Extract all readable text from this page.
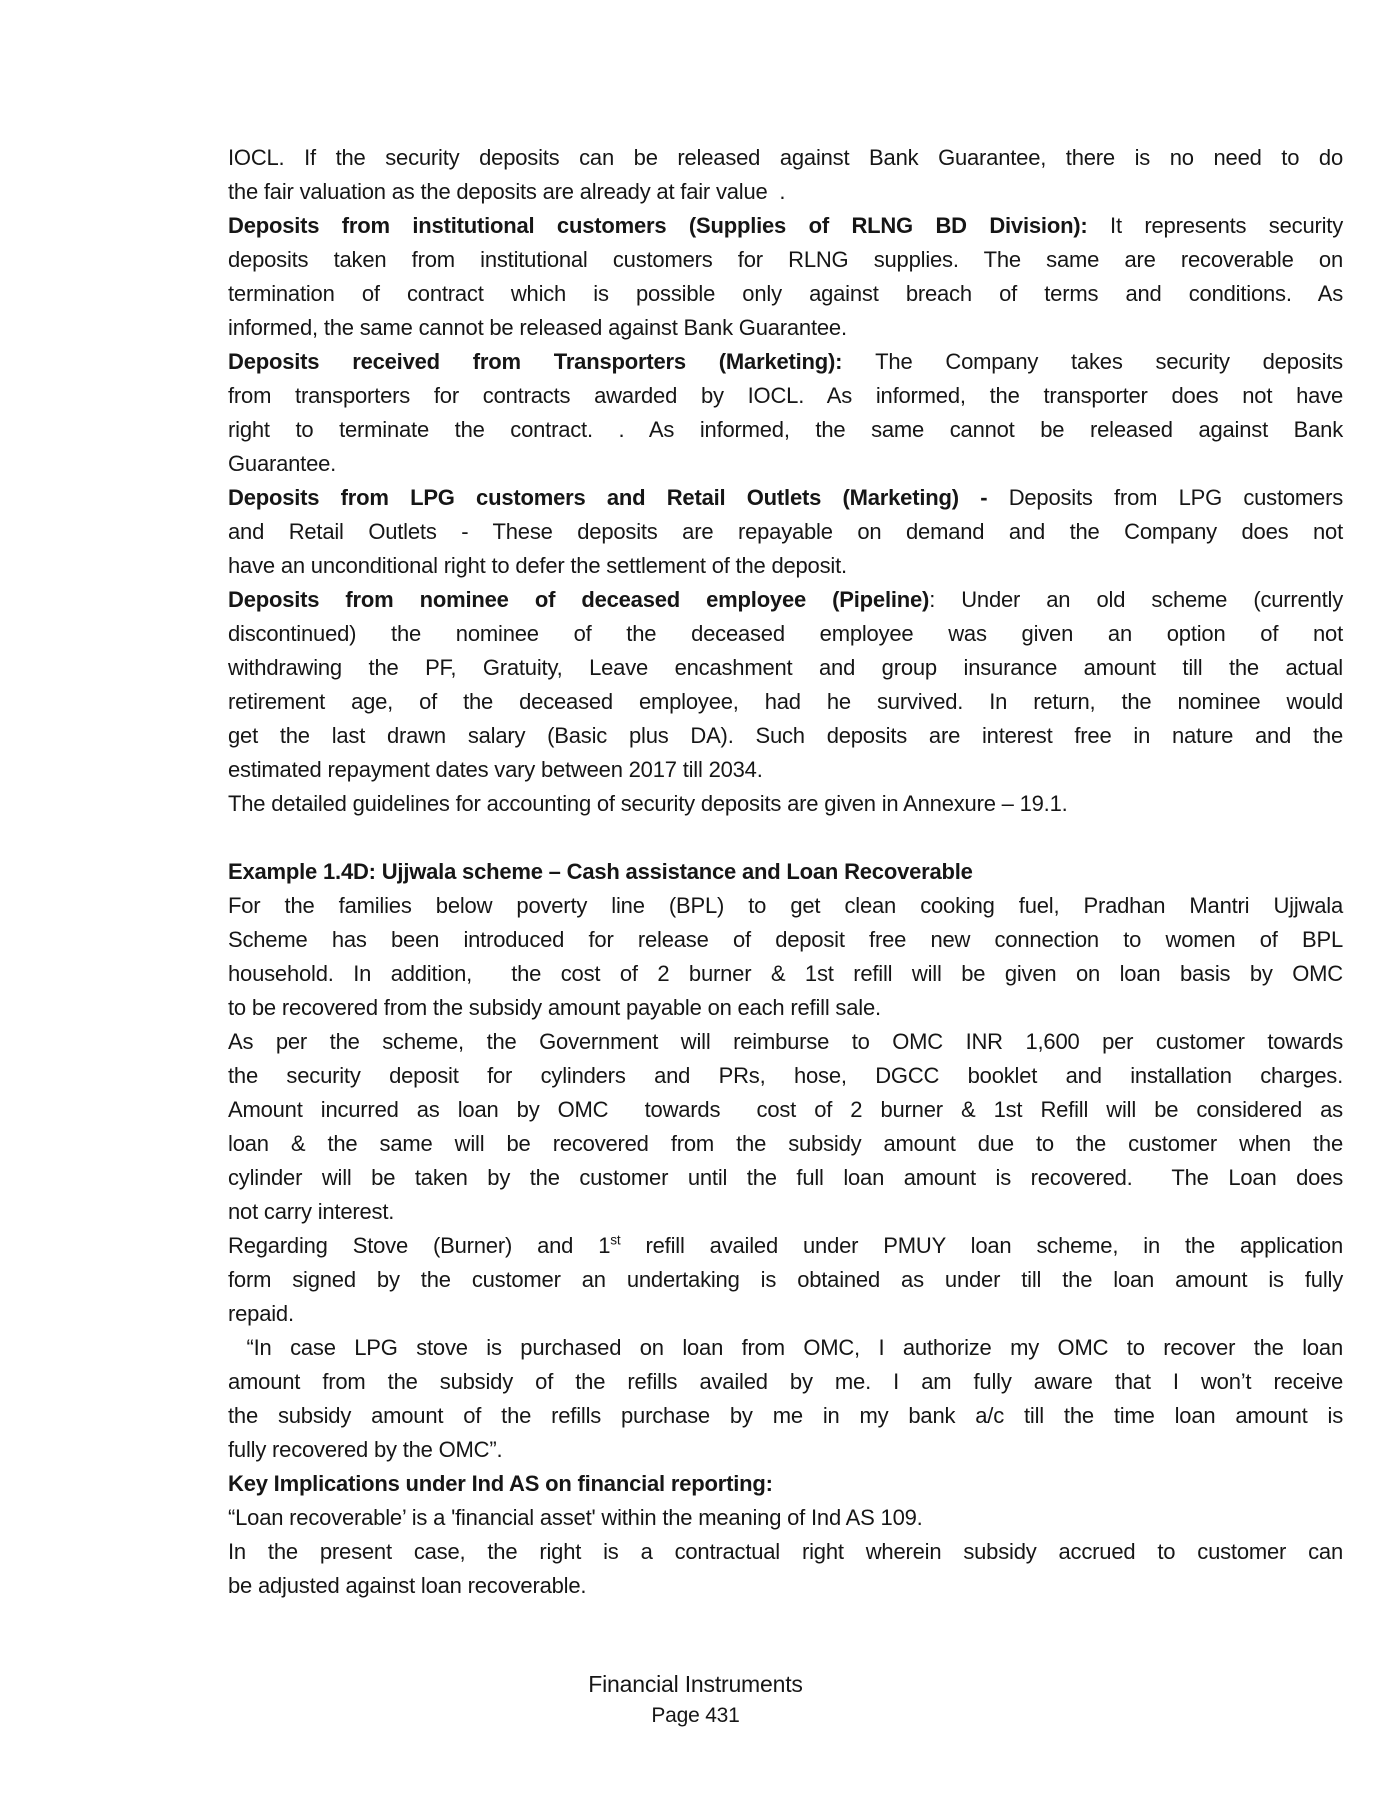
IOCL. If the security deposits can be released against Bank Guarantee, there is no need to do
the fair valuation as the deposits are already at fair value  .
Deposits from institutional customers (Supplies of RLNG BD Division): It represents security
deposits taken from institutional customers for RLNG supplies. The same are recoverable on
termination of contract which is possible only against breach of terms and conditions. As
informed, the same cannot be released against Bank Guarantee.
Deposits received from Transporters (Marketing): The Company takes security deposits
from transporters for contracts awarded by IOCL. As informed, the transporter does not have
right to terminate the contract. . As informed, the same cannot be released against Bank
Guarantee.
Deposits from LPG customers and Retail Outlets (Marketing) - Deposits from LPG customers
and Retail Outlets - These deposits are repayable on demand and the Company does not
have an unconditional right to defer the settlement of the deposit.
Deposits from nominee of deceased employee (Pipeline): Under an old scheme (currently
discontinued) the nominee of the deceased employee was given an option of not
withdrawing the PF, Gratuity, Leave encashment and group insurance amount till the actual
retirement age, of the deceased employee, had he survived. In return, the nominee would
get the last drawn salary (Basic plus DA). Such deposits are interest free in nature and the
estimated repayment dates vary between 2017 till 2034.
The detailed guidelines for accounting of security deposits are given in Annexure – 19.1.
Example 1.4D: Ujjwala scheme – Cash assistance and Loan Recoverable
For the families below poverty line (BPL) to get clean cooking fuel, Pradhan Mantri Ujjwala
Scheme has been introduced for release of deposit free new connection to women of BPL
household. In addition,  the cost of 2 burner & 1st refill will be given on loan basis by OMC
to be recovered from the subsidy amount payable on each refill sale.
As per the scheme, the Government will reimburse to OMC INR 1,600 per customer towards
the security deposit for cylinders and PRs, hose, DGCC booklet and installation charges.
Amount incurred as loan by OMC  towards  cost of 2 burner & 1st Refill will be considered as
loan & the same will be recovered from the subsidy amount due to the customer when the
cylinder will be taken by the customer until the full loan amount is recovered.  The Loan does
not carry interest.
Regarding Stove (Burner) and 1st refill availed under PMUY loan scheme, in the application
form signed by the customer an undertaking is obtained as under till the loan amount is fully
repaid.
“In case LPG stove is purchased on loan from OMC, I authorize my OMC to recover the loan
amount from the subsidy of the refills availed by me. I am fully aware that I won’t receive
the subsidy amount of the refills purchase by me in my bank a/c till the time loan amount is
fully recovered by the OMC”.
Key Implications under Ind AS on financial reporting:
“Loan recoverable’ is a 'financial asset' within the meaning of Ind AS 109.
In the present case, the right is a contractual right wherein subsidy accrued to customer can
be adjusted against loan recoverable.
Financial Instruments
Page 431
